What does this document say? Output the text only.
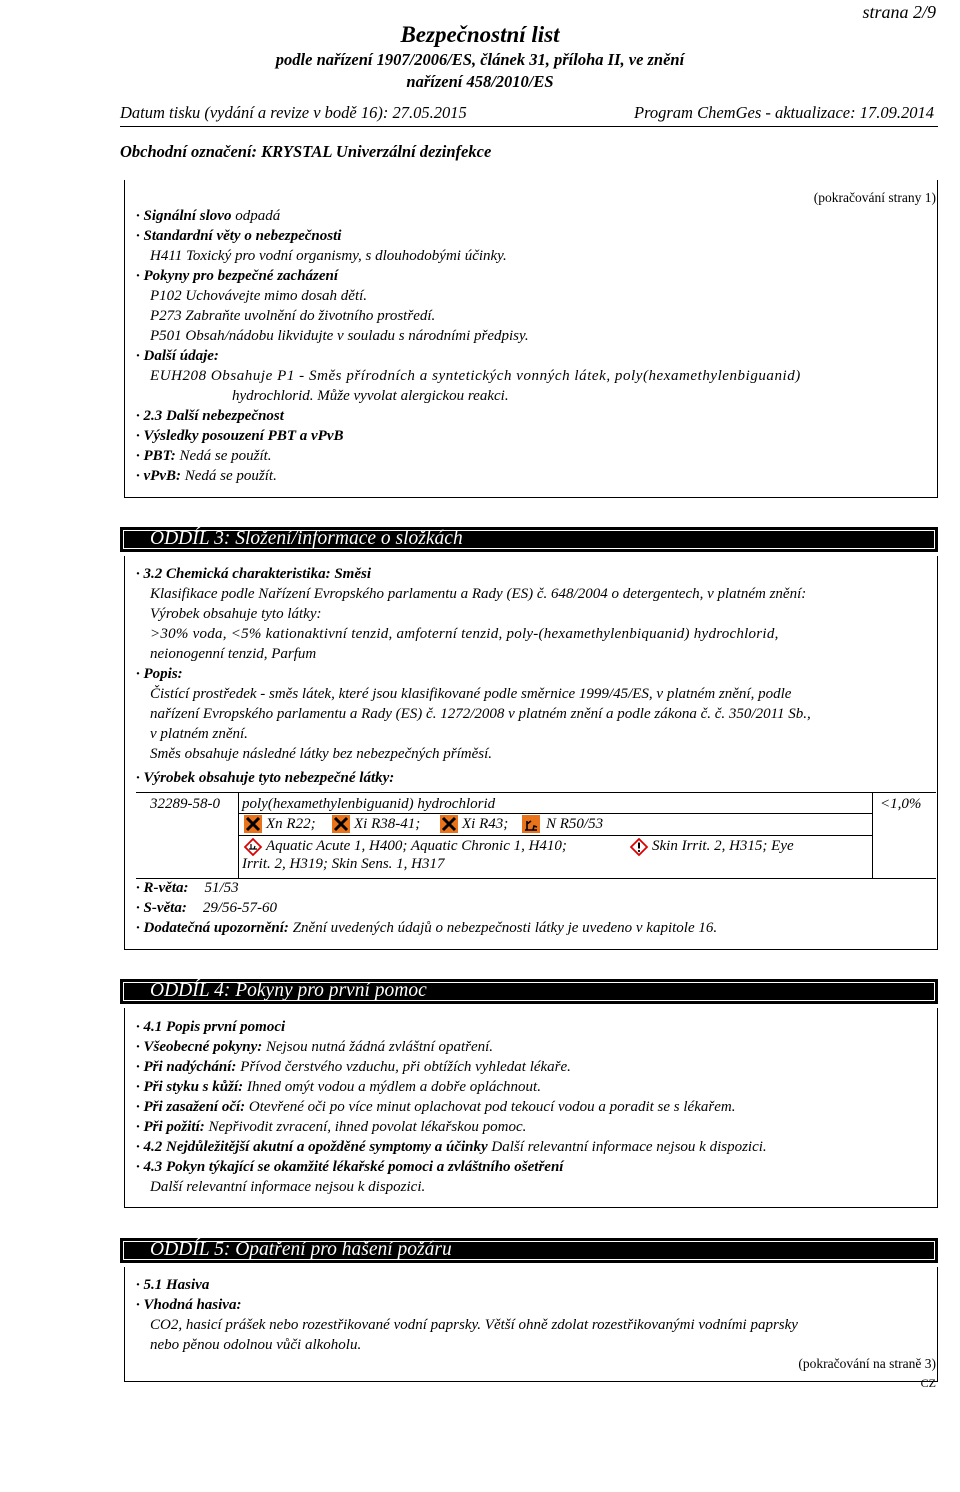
strana 2/9
Bezpečnostní list
podle nařízení 1907/2006/ES, článek 31, příloha II, ve znění
nařízení 458/2010/ES
Datum tisku (vydání a revize v bodě 16): 27.05.2015	Program ChemGes - aktualizace: 17.09.2014
Obchodní označení: KRYSTAL Univerzální dezinfekce
(pokračování strany 1)
· Signální slovo odpadá
· Standardní věty o nebezpečnosti
H411 Toxický pro vodní organismy, s dlouhodobými účinky.
· Pokyny pro bezpečné zacházení
P102 Uchovávejte mimo dosah dětí.
P273 Zabraňte uvolnění do životního prostředí.
P501 Obsah/nádobu likvidujte v souladu s národními předpisy.
· Další údaje:
EUH208 Obsahuje P1 - Směs přírodních a syntetických vonných látek, poly(hexamethylenbiguanid)
hydrochlorid. Může vyvolat alergickou reakci.
· 2.3 Další nebezpečnost
· Výsledky posouzení PBT a vPvB
· PBT: Nedá se použít.
· vPvB: Nedá se použít.
ODDÍL 3: Složení/informace o složkách
· 3.2 Chemická charakteristika: Směsi
Klasifikace podle Nařízení Evropského parlamentu a Rady (ES) č. 648/2004 o detergentech, v platném znění:
Výrobek obsahuje tyto látky:
>30% voda, <5% kationaktivní tenzid, amfoterní tenzid, poly-(hexamethylenbiquanid) hydrochlorid,
neionogenní tenzid, Parfum
· Popis:
Čistící prostředek - směs látek, které jsou klasifikované podle směrnice 1999/45/ES, v platném znění, podle
nařízení Evropského parlamentu a Rady (ES) č. 1272/2008 v platném znění a podle zákona č. č. 350/2011 Sb.,
v platném znění.
Směs obsahuje následné látky bez nebezpečných příměsí.
· Výrobek obsahuje tyto nebezpečné látky:
32289-58-0 poly(hexamethylenbiguanid) hydrochlorid	<1,0%
Xn R22;	Xi R38-41;	Xi R43;	N R50/53
Aquatic Acute 1, H400; Aquatic Chronic 1, H410;	Skin Irrit. 2, H315; Eye
Irrit. 2, H319; Skin Sens. 1, H317
· R-věta: 51/53
· S-věta: 29/56-57-60
· Dodatečná upozornění: Znění uvedených údajů o nebezpečnosti látky je uvedeno v kapitole 16.
ODDÍL 4: Pokyny pro první pomoc
· 4.1 Popis první pomoci
· Všeobecné pokyny: Nejsou nutná žádná zvláštní opatření.
· Při nadýchání: Přívod čerstvého vzduchu, při obtížích vyhledat lékaře.
· Při styku s kůží: Ihned omýt vodou a mýdlem a dobře opláchnout.
· Při zasažení očí: Otevřené oči po více minut oplachovat pod tekoucí vodou a poradit se s lékařem.
· Při požití: Nepřivodit zvracení, ihned povolat lékařskou pomoc.
· 4.2 Nejdůležitější akutní a opožděné symptomy a účinky Další relevantní informace nejsou k dispozici.
· 4.3 Pokyn týkající se okamžité lékařské pomoci a zvláštního ošetření
Další relevantní informace nejsou k dispozici.
ODDÍL 5: Opatření pro hašení požáru
· 5.1 Hasiva
· Vhodná hasiva:
CO2, hasicí prášek nebo rozestřikované vodní paprsky. Větší ohně zdolat rozestřikovanými vodními paprsky
nebo pěnou odolnou vůči alkoholu.
(pokračování na straně 3)
CZ
